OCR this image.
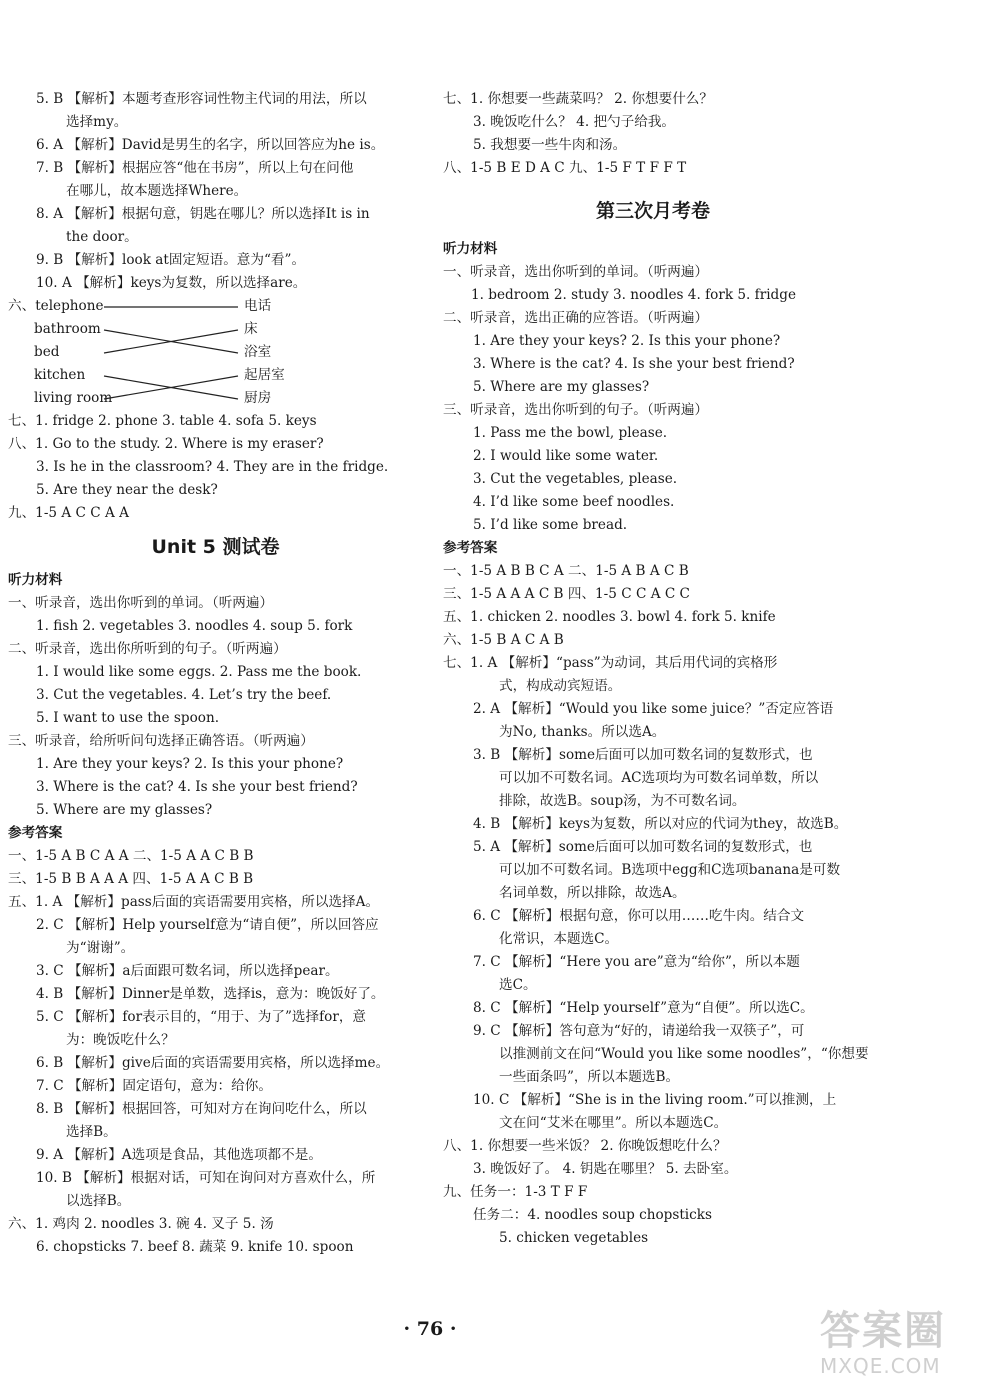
5. B 【解析】本题考查形容词性物主代词的用法，所以
选择my。
6. A 【解析】David是男生的名字，所以回答应为he is。
7. B 【解析】根据应答“他在书房”，所以上句在问他
在哪儿，故本题选择Where。
8. A 【解析】根据句意，钥匙在哪儿？所以选择It is in
the door。
9. B 【解析】look at固定短语。意为“看”。
10. A 【解析】keys为复数，所以选择are。
六、telephone
bathroom
bed
kitchen
living room
电话
床
浴室
起居室
厨房
七、1. fridge 2. phone 3. table 4. sofa 5. keys
八、1. Go to the study. 2. Where is my eraser?
3. Is he in the classroom? 4. They are in the fridge.
5. Are they near the desk?
九、1-5 A C C A A
Unit 5 测试卷
听力材料
一、听录音，选出你听到的单词。（听两遍）
1. fish 2. vegetables 3. noodles 4. soup 5. fork
二、听录音，选出你所听到的句子。（听两遍）
1. I would like some eggs. 2. Pass me the book.
3. Cut the vegetables. 4. Let’s try the beef.
5. I want to use the spoon.
三、听录音，给所听问句选择正确答语。（听两遍）
1. Are they your keys? 2. Is this your phone?
3. Where is the cat? 4. Is she your best friend?
5. Where are my glasses?
参考答案
一、1-5 A B C A A 二、1-5 A A C B B
三、1-5 B B A A A 四、1-5 A A C B B
五、1. A 【解析】pass后面的宾语需要用宾格，所以选择A。
2. C 【解析】Help yourself意为“请自便”，所以回答应
为“谢谢”。
3. C 【解析】a后面跟可数名词，所以选择pear。
4. B 【解析】Dinner是单数，选择is，意为：晚饭好了。
5. C 【解析】for表示目的，“用于、为了”选择for，意
为：晚饭吃什么？
6. B 【解析】give后面的宾语需要用宾格，所以选择me。
7. C 【解析】固定语句，意为：给你。
8. B 【解析】根据回答，可知对方在询问吃什么，所以
选择B。
9. A 【解析】A选项是食品，其他选项都不是。
10. B 【解析】根据对话，可知在询问对方喜欢什么，所
以选择B。
六、1. 鸡肉 2. noodles 3. 碗 4. 叉子 5. 汤
6. chopsticks 7. beef 8. 蔬菜 9. knife 10. spoon
七、1. 你想要一些蔬菜吗？ 2. 你想要什么？
3. 晚饭吃什么？ 4. 把勺子给我。
5. 我想要一些牛肉和汤。
八、1-5 B E D A C 九、1-5 F T F F T
第三次月考卷
听力材料
一、听录音，选出你听到的单词。（听两遍）
1. bedroom 2. study 3. noodles 4. fork 5. fridge
二、听录音，选出正确的应答语。（听两遍）
1. Are they your keys? 2. Is this your phone?
3. Where is the cat? 4. Is she your best friend?
5. Where are my glasses?
三、听录音，选出你听到的句子。（听两遍）
1. Pass me the bowl, please.
2. I would like some water.
3. Cut the vegetables, please.
4. I’d like some beef noodles.
5. I’d like some bread.
参考答案
一、1-5 A B B C A 二、1-5 A B A C B
三、1-5 A A A C B 四、1-5 C C A C C
五、1. chicken 2. noodles 3. bowl 4. fork 5. knife
六、1-5 B A C A B
七、1. A 【解析】“pass”为动词，其后用代词的宾格形
式，构成动宾短语。
2. A 【解析】“Would you like some juice？”否定应答语
为No, thanks。所以选A。
3. B 【解析】some后面可以加可数名词的复数形式，也
可以加不可数名词。AC选项均为可数名词单数，所以
排除，故选B。soup汤，为不可数名词。
4. B 【解析】keys为复数，所以对应的代词为they，故选B。
5. A 【解析】some后面可以加可数名词的复数形式，也
可以加不可数名词。B选项中egg和C选项banana是可数
名词单数，所以排除，故选A。
6. C 【解析】根据句意，你可以用……吃牛肉。结合文
化常识，本题选C。
7. C 【解析】“Here you are”意为“给你”，所以本题
选C。
8. C 【解析】“Help yourself”意为“自便”。所以选C。
9. C 【解析】答句意为“好的，请递给我一双筷子”，可
以推测前文在问“Would you like some noodles”，“你想要
一些面条吗”，所以本题选B。
10. C 【解析】“She is in the living room.”可以推测，上
文在问“艾米在哪里”。所以本题选C。
八、1. 你想要一些米饭？ 2. 你晚饭想吃什么？
3. 晚饭好了。 4. 钥匙在哪里？ 5. 去卧室。
九、任务一：1-3 T F F
任务二：4. noodles soup chopsticks
5. chicken vegetables
· 76 ·	答案圈
MXQE.COM
